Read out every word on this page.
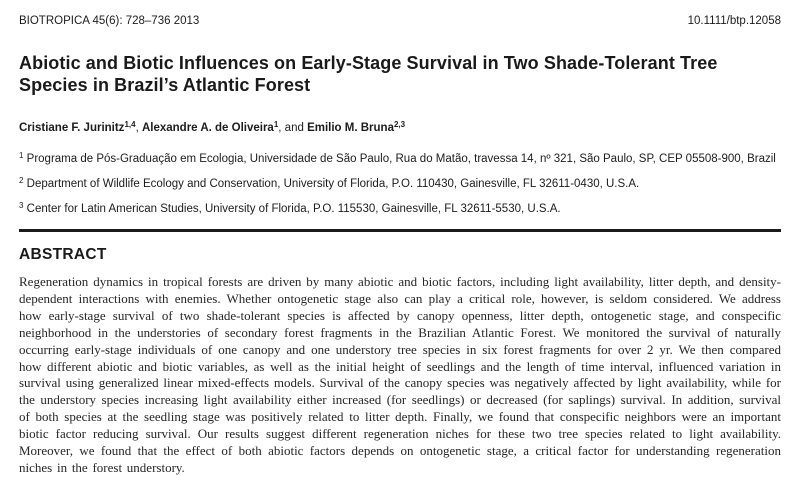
BIOTROPICA 45(6): 728–736 2013	10.1111/btp.12058
Abiotic and Biotic Influences on Early-Stage Survival in Two Shade-Tolerant Tree Species in Brazil’s Atlantic Forest

Cristiane F. Jurinitz$^{1,4}$, Alexandre A. de Oliveira$^1$, and Emilio M. Bruna$^{2,3}$

$^1$ Programa de Pós-Graduação em Ecologia, Universidade de São Paulo, Rua do Matão, travessa 14, nº 321, São Paulo, SP, CEP 05508-900, Brazil

$^2$ Department of Wildlife Ecology and Conservation, University of Florida, P.O. 110430, Gainesville, FL 32611-0430, U.S.A.

$^3$ Center for Latin American Studies, University of Florida, P.O. 115530, Gainesville, FL 32611-5530, U.S.A.

ABSTRACT

Regeneration dynamics in tropical forests are driven by many abiotic and biotic factors, including light availability, litter depth, and density-dependent interactions with enemies. Whether ontogenetic stage also can play a critical role, however, is seldom considered. We address how early-stage survival of two shade-tolerant species is affected by canopy openness, litter depth, ontogenetic stage, and conspecific neighborhood in the understories of secondary forest fragments in the Brazilian Atlantic Forest. We monitored the survival of naturally occurring early-stage individuals of one canopy and one understory tree species in six forest fragments for over 2 yr. We then compared how different abiotic and biotic variables, as well as the initial height of seedlings and the length of time interval, influenced variation in survival using generalized linear mixed-effects models. Survival of the canopy species was negatively affected by light availability, while for the understory species increasing light availability either increased (for seedlings) or decreased (for saplings) survival. In addition, survival of both species at the seedling stage was positively related to litter depth. Finally, we found that conspecific neighbors were an important biotic factor reducing survival. Our results suggest different regeneration niches for these two tree species related to light availability. Moreover, we found that the effect of both abiotic factors depends on ontogenetic stage, a critical factor for understanding regeneration niches in the forest understory.
